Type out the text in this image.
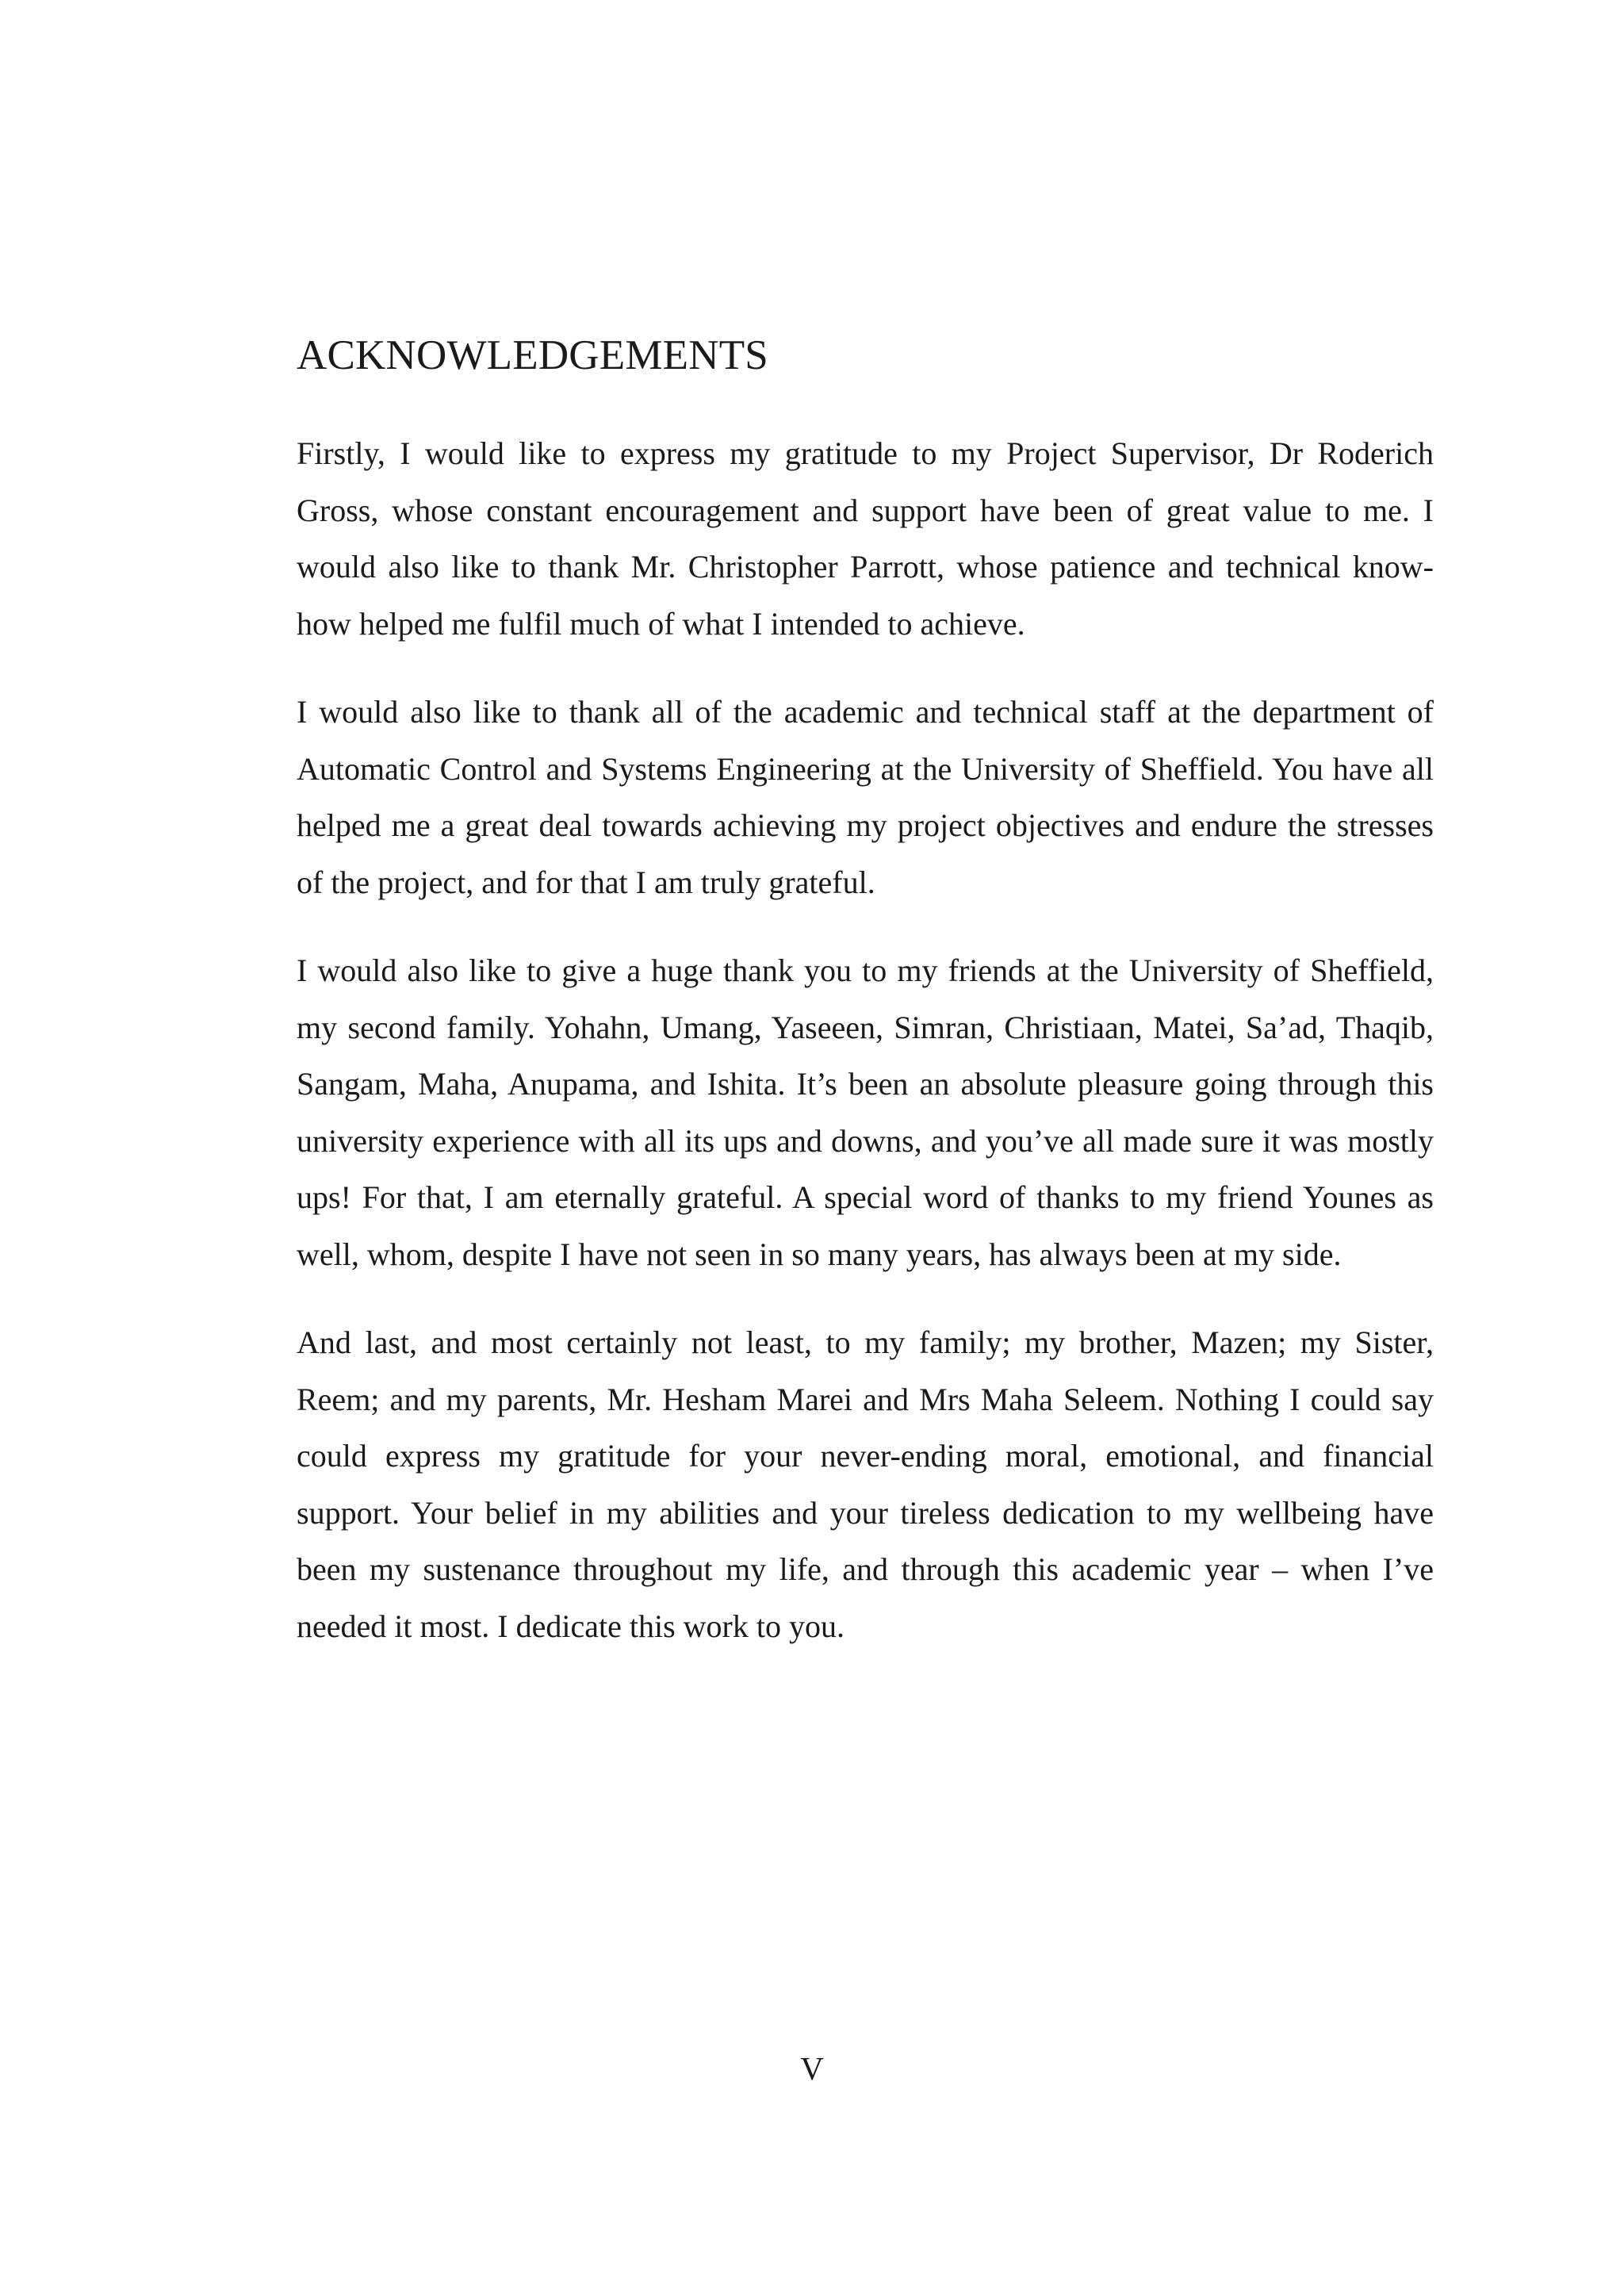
ACKNOWLEDGEMENTS

Firstly, I would like to express my gratitude to my Project Supervisor, Dr Roderich Gross, whose constant encouragement and support have been of great value to me. I would also like to thank Mr. Christopher Parrott, whose patience and technical know-how helped me fulfil much of what I intended to achieve.

I would also like to thank all of the academic and technical staff at the department of Automatic Control and Systems Engineering at the University of Sheffield. You have all helped me a great deal towards achieving my project objectives and endure the stresses of the project, and for that I am truly grateful.

I would also like to give a huge thank you to my friends at the University of Sheffield, my second family. Yohahn, Umang, Yaseeen, Simran, Christiaan, Matei, Sa’ad, Thaqib, Sangam, Maha, Anupama, and Ishita. It’s been an absolute pleasure going through this university experience with all its ups and downs, and you’ve all made sure it was mostly ups! For that, I am eternally grateful. A special word of thanks to my friend Younes as well, whom, despite I have not seen in so many years, has always been at my side.

And last, and most certainly not least, to my family; my brother, Mazen; my Sister, Reem; and my parents, Mr. Hesham Marei and Mrs Maha Seleem. Nothing I could say could express my gratitude for your never-ending moral, emotional, and financial support. Your belief in my abilities and your tireless dedication to my wellbeing have been my sustenance throughout my life, and through this academic year – when I’ve needed it most. I dedicate this work to you.

V
